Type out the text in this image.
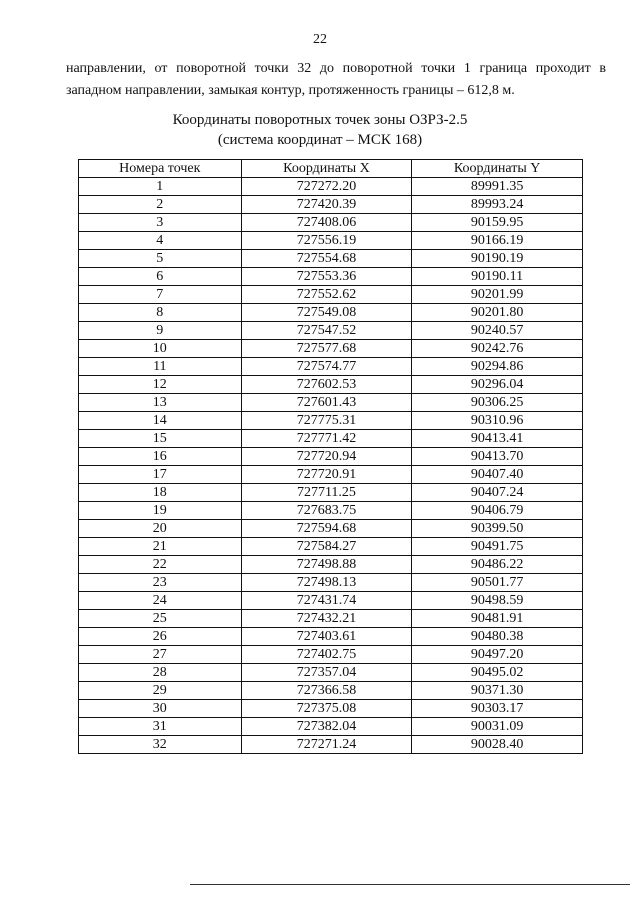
22
направлении, от поворотной точки 32 до поворотной точки 1 граница проходит в западном направлении, замыкая контур, протяженность границы – 612,8 м.
Координаты поворотных точек зоны ОЗРЗ-2.5
(система координат – МСК 168)
Номера точек	Координаты X	Координаты Y
1	727272.20	89991.35
2	727420.39	89993.24
3	727408.06	90159.95
4	727556.19	90166.19
5	727554.68	90190.19
6	727553.36	90190.11
7	727552.62	90201.99
8	727549.08	90201.80
9	727547.52	90240.57
10	727577.68	90242.76
11	727574.77	90294.86
12	727602.53	90296.04
13	727601.43	90306.25
14	727775.31	90310.96
15	727771.42	90413.41
16	727720.94	90413.70
17	727720.91	90407.40
18	727711.25	90407.24
19	727683.75	90406.79
20	727594.68	90399.50
21	727584.27	90491.75
22	727498.88	90486.22
23	727498.13	90501.77
24	727431.74	90498.59
25	727432.21	90481.91
26	727403.61	90480.38
27	727402.75	90497.20
28	727357.04	90495.02
29	727366.58	90371.30
30	727375.08	90303.17
31	727382.04	90031.09
32	727271.24	90028.40
